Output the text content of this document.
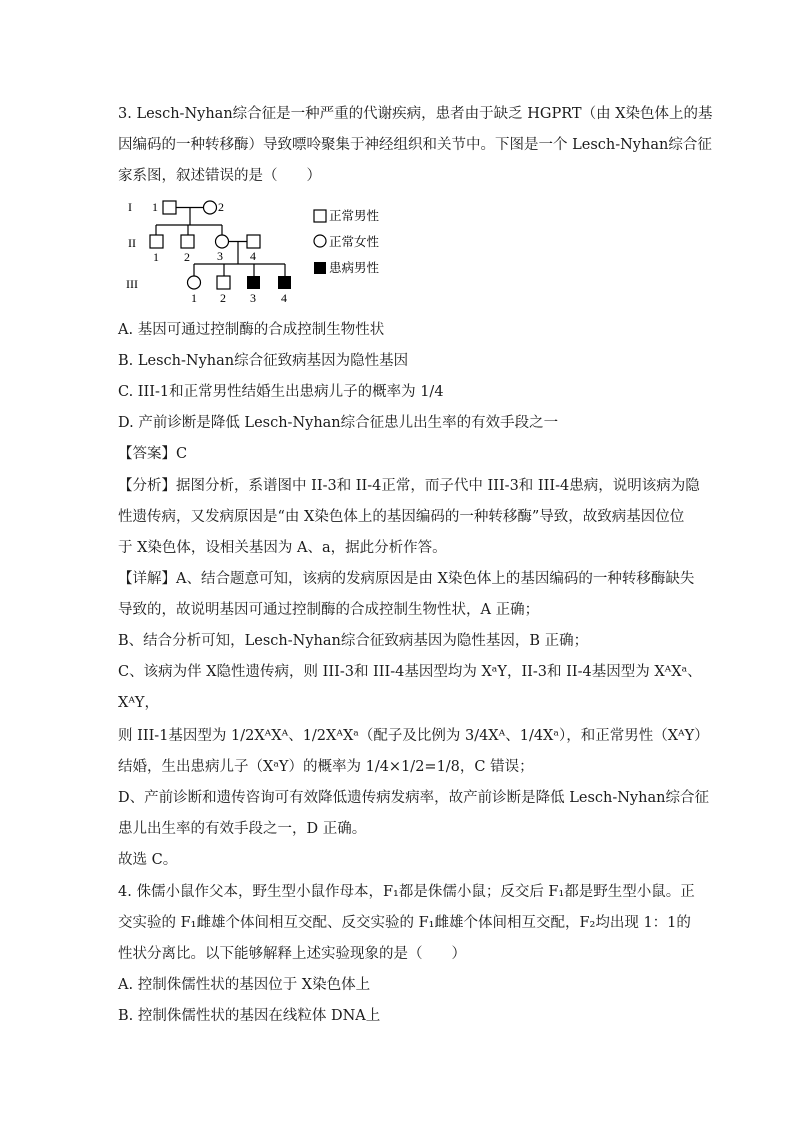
3. Lesch-Nyhan综合征是一种严重的代谢疾病，患者由于缺乏 HGPRT（由 X染色体上的基
因编码的一种转移酶）导致嘌呤聚集于神经组织和关节中。下图是一个 Lesch-Nyhan综合征
家系图，叙述错误的是（　　）
I
II
III
1	2
1 2 3 4
1 2 3 4
正常男性
正常女性
患病男性
A. 基因可通过控制酶的合成控制生物性状
B. Lesch-Nyhan综合征致病基因为隐性基因
C. III-1和正常男性结婚生出患病儿子的概率为 1/4
D. 产前诊断是降低 Lesch-Nyhan综合征患儿出生率的有效手段之一
【答案】C
【分析】据图分析，系谱图中 II-3和 II-4正常，而子代中 III-3和 III-4患病，说明该病为隐
性遗传病，又发病原因是“由 X染色体上的基因编码的一种转移酶”导致，故致病基因位位
于 X染色体，设相关基因为 A、a，据此分析作答。
【详解】A、结合题意可知，该病的发病原因是由 X染色体上的基因编码的一种转移酶缺失
导致的，故说明基因可通过控制酶的合成控制生物性状，A 正确；
B、结合分析可知，Lesch-Nyhan综合征致病基因为隐性基因，B 正确；
C、该病为伴 X隐性遗传病，则 III-3和 III-4基因型均为 XᵃY，II-3和 II-4基因型为 XᴬXᵃ、
XᴬY，
则 III-1基因型为 1/2XᴬXᴬ、1/2XᴬXᵃ（配子及比例为 3/4Xᴬ、1/4Xᵃ），和正常男性（XᴬY）
结婚，生出患病儿子（XᵃY）的概率为 1/4×1/2=1/8，C 错误；
D、产前诊断和遗传咨询可有效降低遗传病发病率，故产前诊断是降低 Lesch-Nyhan综合征
患儿出生率的有效手段之一，D 正确。
故选 C。
4. 侏儒小鼠作父本，野生型小鼠作母本，F₁都是侏儒小鼠；反交后 F₁都是野生型小鼠。正
交实验的 F₁雌雄个体间相互交配、反交实验的 F₁雌雄个体间相互交配，F₂均出现 1：1的
性状分离比。以下能够解释上述实验现象的是（　　）
A. 控制侏儒性状的基因位于 X染色体上
B. 控制侏儒性状的基因在线粒体 DNA上
